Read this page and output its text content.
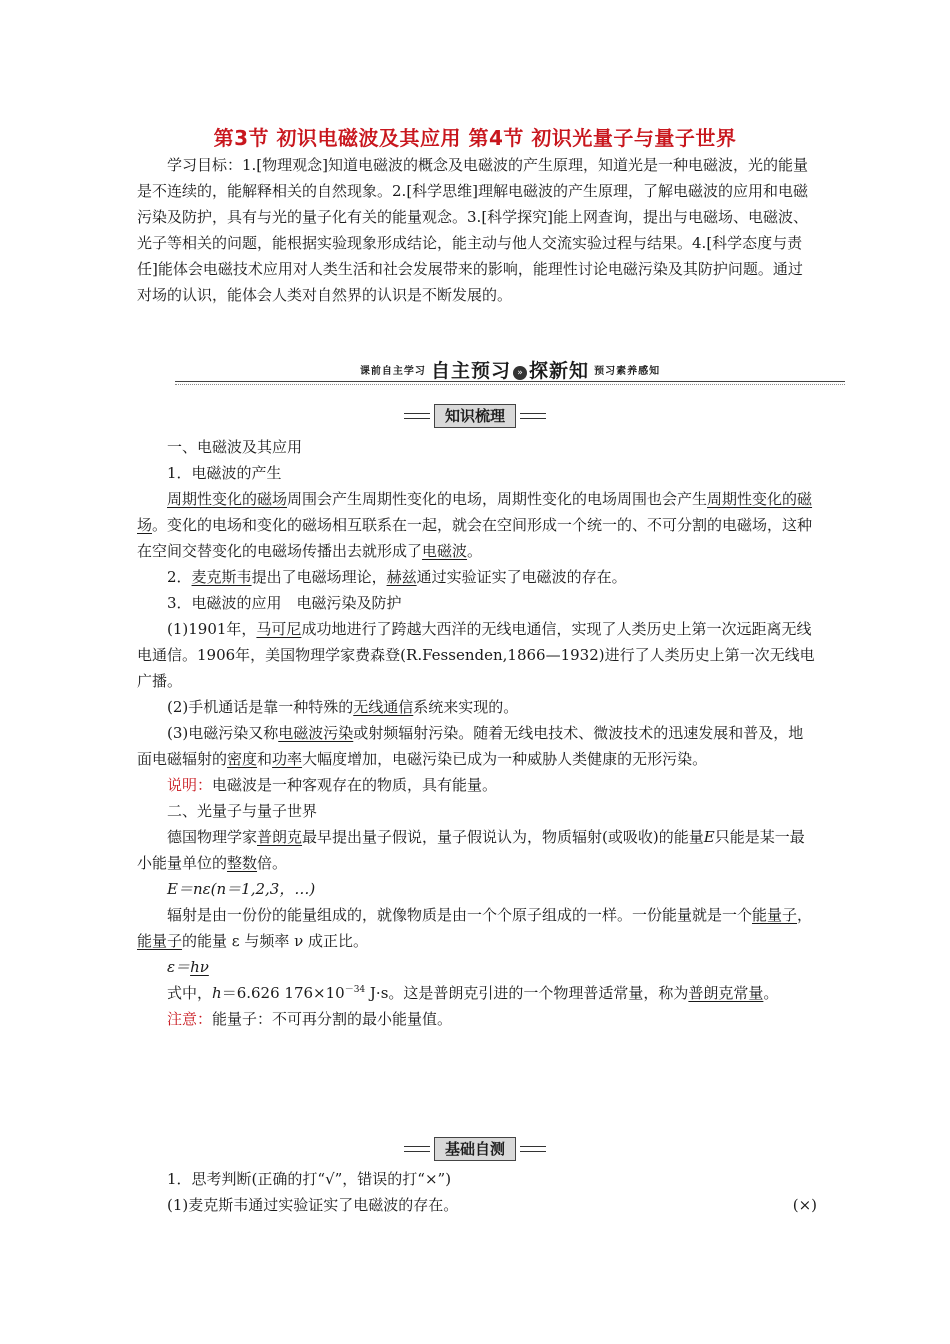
第3节 初识电磁波及其应用 第4节 初识光量子与量子世界

学习目标：1.[物理观念]知道电磁波的概念及电磁波的产生原理，知道光是一种电磁波，光的能量是不连续的，能解释相关的自然现象。2.[科学思维]理解电磁波的产生原理，了解电磁波的应用和电磁污染及防护，具有与光的量子化有关的能量观念。3.[科学探究]能上网查询，提出与电磁场、电磁波、光子等相关的问题，能根据实验现象形成结论，能主动与他人交流实验过程与结果。4.[科学态度与责任]能体会电磁技术应用对人类生活和社会发展带来的影响，能理性讨论电磁污染及其防护问题。通过对场的认识，能体会人类对自然界的认识是不断发展的。

课前自主学习 自主预习 » 探新知 预习素养感知
知识梳理

一、电磁波及其应用

1．电磁波的产生

周期性变化的磁场周围会产生周期性变化的电场，周期性变化的电场周围也会产生周期性变化的磁场。变化的电场和变化的磁场相互联系在一起，就会在空间形成一个统一的、不可分割的电磁场，这种在空间交替变化的电磁场传播出去就形成了电磁波。

2．麦克斯韦提出了电磁场理论，赫兹通过实验证实了电磁波的存在。

3．电磁波的应用　电磁污染及防护

(1)1901年，马可尼成功地进行了跨越大西洋的无线电通信，实现了人类历史上第一次远距离无线电通信。1906年，美国物理学家费森登(R.Fessenden,1866—1932)进行了人类历史上第一次无线电广播。

(2)手机通话是靠一种特殊的无线通信系统来实现的。

(3)电磁污染又称电磁波污染或射频辐射污染。随着无线电技术、微波技术的迅速发展和普及，地面电磁辐射的密度和功率大幅度增加，电磁污染已成为一种威胁人类健康的无形污染。

说明：电磁波是一种客观存在的物质，具有能量。

二、光量子与量子世界

德国物理学家普朗克最早提出量子假说，量子假说认为，物质辐射(或吸收)的能量E只能是某一最小能量单位的整数倍。

E＝nε(n＝1,2,3，…)

辐射是由一份份的能量组成的，就像物质是由一个个原子组成的一样。一份能量就是一个能量子，能量子的能量 ε 与频率 ν 成正比。

ε＝hν

式中，h＝6.626 $176\times 10^{-34}$ J·s。这是普朗克引进的一个物理普适常量，称为普朗克常量。

注意：能量子：不可再分割的最小能量值。

基础自测

1．思考判断(正确的打“√”，错误的打“×”)

(1)麦克斯韦通过实验证实了电磁波的存在。	(×)
